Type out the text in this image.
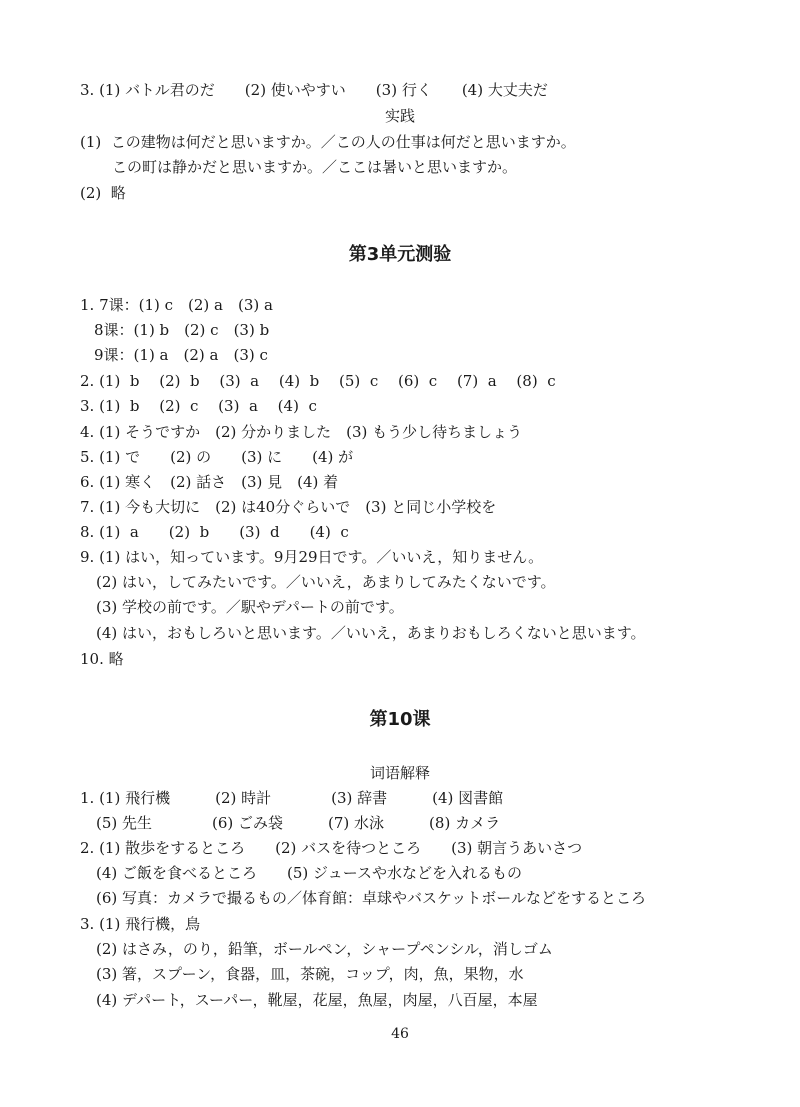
3. (1) バトル君のだ　　(2) 使いやすい　　(3) 行く　　(4) 大丈夫だ
实践
(1)  この建物は何だと思いますか。／この人の仕事は何だと思いますか。
この町は静かだと思いますか。／ここは暑いと思いますか。
(2)  略
第3单元测验
1. 7课：(1) c　(2) a　(3) a
8课：(1) b　(2) c　(3) b
9课：(1) a　(2) a　(3) c
2. (1)  b　 (2)  b　 (3)  a　 (4)  b　 (5)  c　 (6)  c　 (7)  a　 (8)  c
3. (1)  b　 (2)  c　 (3)  a　 (4)  c
4. (1) そうですか　(2) 分かりました　(3) もう少し待ちましょう
5. (1) で　　(2) の　　(3) に　　(4) が
6. (1) 寒く　(2) 話さ　(3) 見　(4) 着
7. (1) 今も大切に　(2) は40分ぐらいで　(3) と同じ小学校を
8. (1)  a　　(2)  b　　(3)  d　　(4)  c
9. (1) はい，知っています。9月29日です。／いいえ，知りません。
(2) はい，してみたいです。／いいえ，あまりしてみたくないです。
(3) 学校の前です。／駅やデパートの前です。
(4) はい，おもしろいと思います。／いいえ，あまりおもしろくないと思います。
10. 略
第10课
词语解释
1. (1) 飛行機　　　(2) 時計　　　　(3) 辞書　　　(4) 図書館
(5) 先生　　　　(6) ごみ袋　　　(7) 水泳　　　(8) カメラ
2. (1) 散歩をするところ　　(2) バスを待つところ　　(3) 朝言うあいさつ
(4) ご飯を食べるところ　　(5) ジュースや水などを入れるもの
(6) 写真：カメラで撮るもの／体育館：卓球やバスケットボールなどをするところ
3. (1) 飛行機，鳥
(2) はさみ，のり，鉛筆，ボールペン，シャープペンシル，消しゴム
(3) 箸，スプーン，食器，皿，茶碗，コップ，肉，魚，果物，水
(4) デパート，スーパー，靴屋，花屋，魚屋，肉屋，八百屋，本屋
46
